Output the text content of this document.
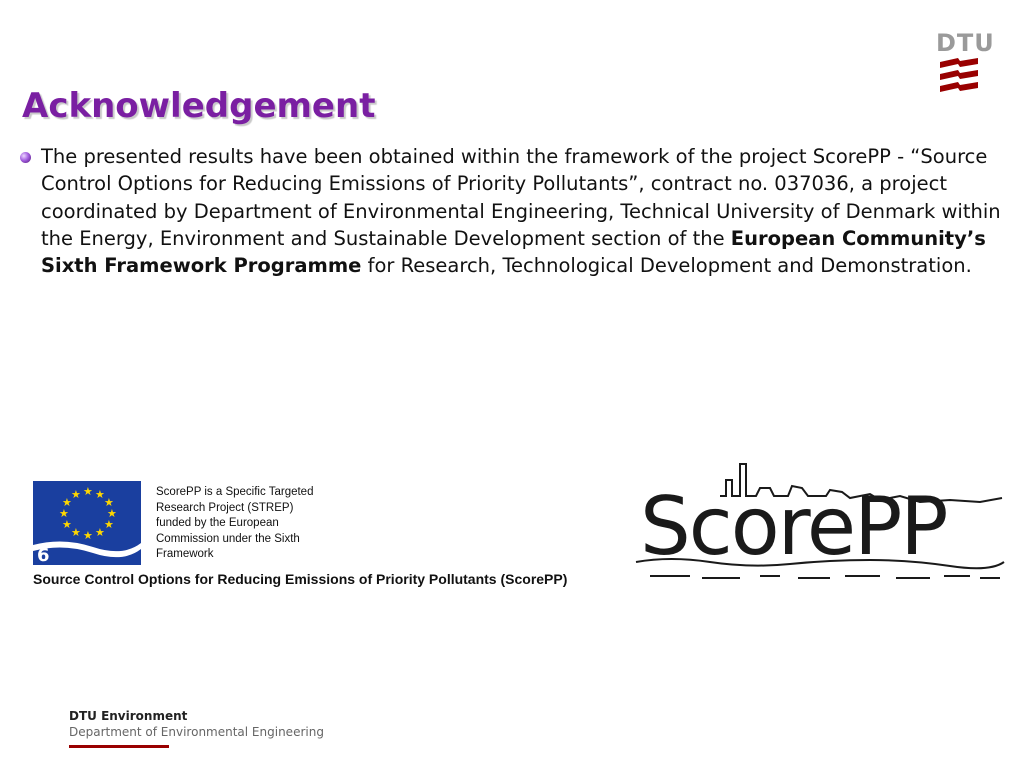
DTU
Acknowledgement

The presented results have been obtained within the framework of the project ScorePP - “Source Control Options for Reducing Emissions of Priority Pollutants”, contract no. 037036, a project coordinated by Department of Environmental Engineering, Technical University of Denmark within the Energy, Environment and Sustainable Development section of the European Community’s Sixth Framework Programme for Research, Technological Development and Demonstration.

★ ★
★
★
★
★
★
★
★
★
★
★
6
ScorePP is a Specific Targeted
Research Project (STREP)
funded by the European
Commission under the Sixth
Framework
Source Control Options for Reducing Emissions of Priority Pollutants (ScorePP)
ScorePP
DTU Environment
Department of Environmental Engineering
